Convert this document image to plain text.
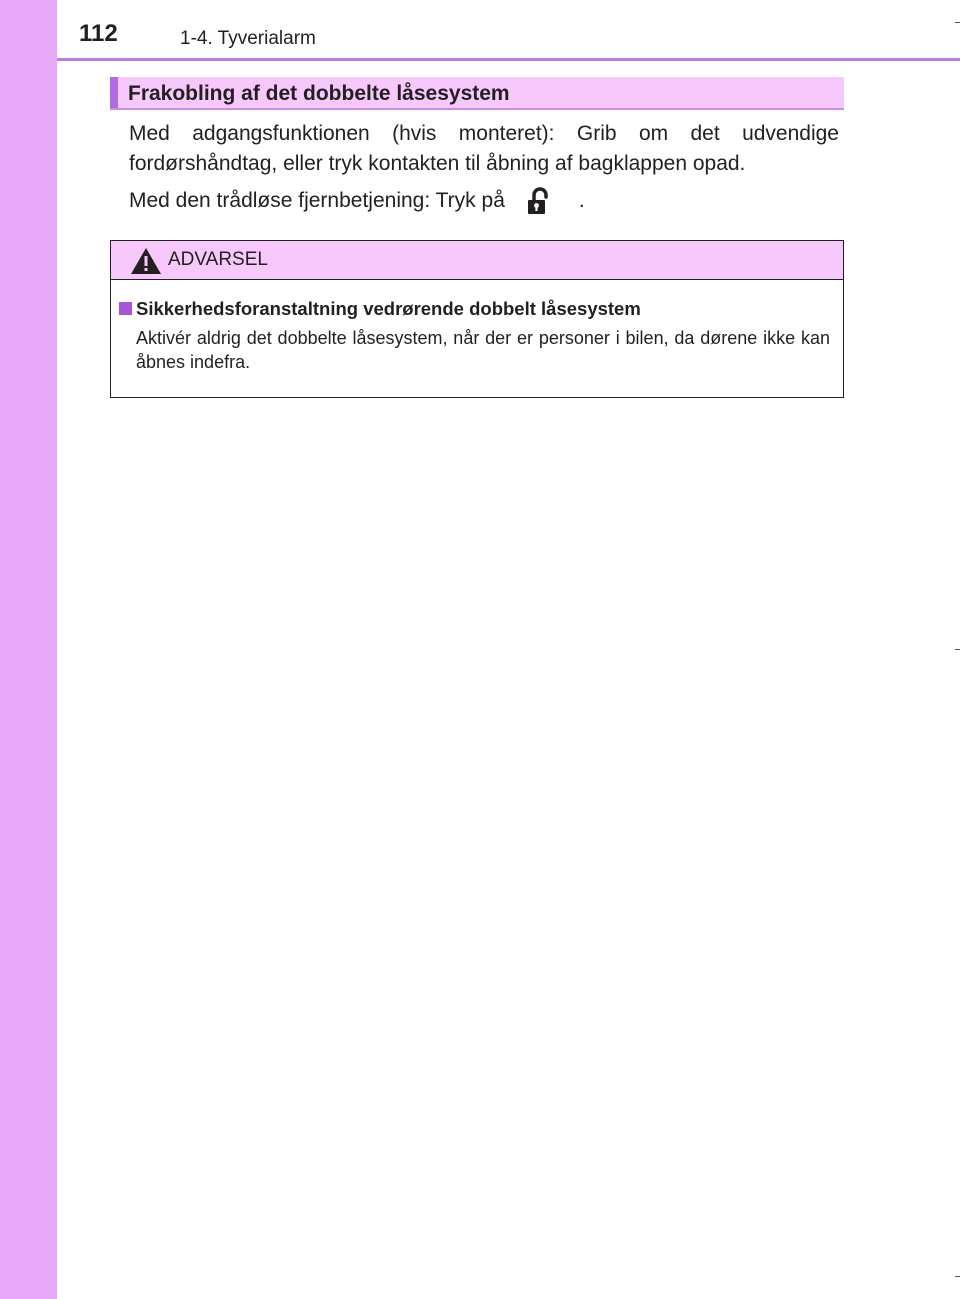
112	1-4. Tyverialarm
Frakobling af det dobbelte låsesystem
Med adgangsfunktionen (hvis monteret): Grib om det udvendige fordørshåndtag, eller tryk kontakten til åbning af bagklappen opad.
Med den trådløse fjernbetjening: Tryk på	.
ADVARSEL
Sikkerhedsforanstaltning vedrørende dobbelt låsesystem
Aktivér aldrig det dobbelte låsesystem, når der er personer i bilen, da dørene ikke kan åbnes indefra.
